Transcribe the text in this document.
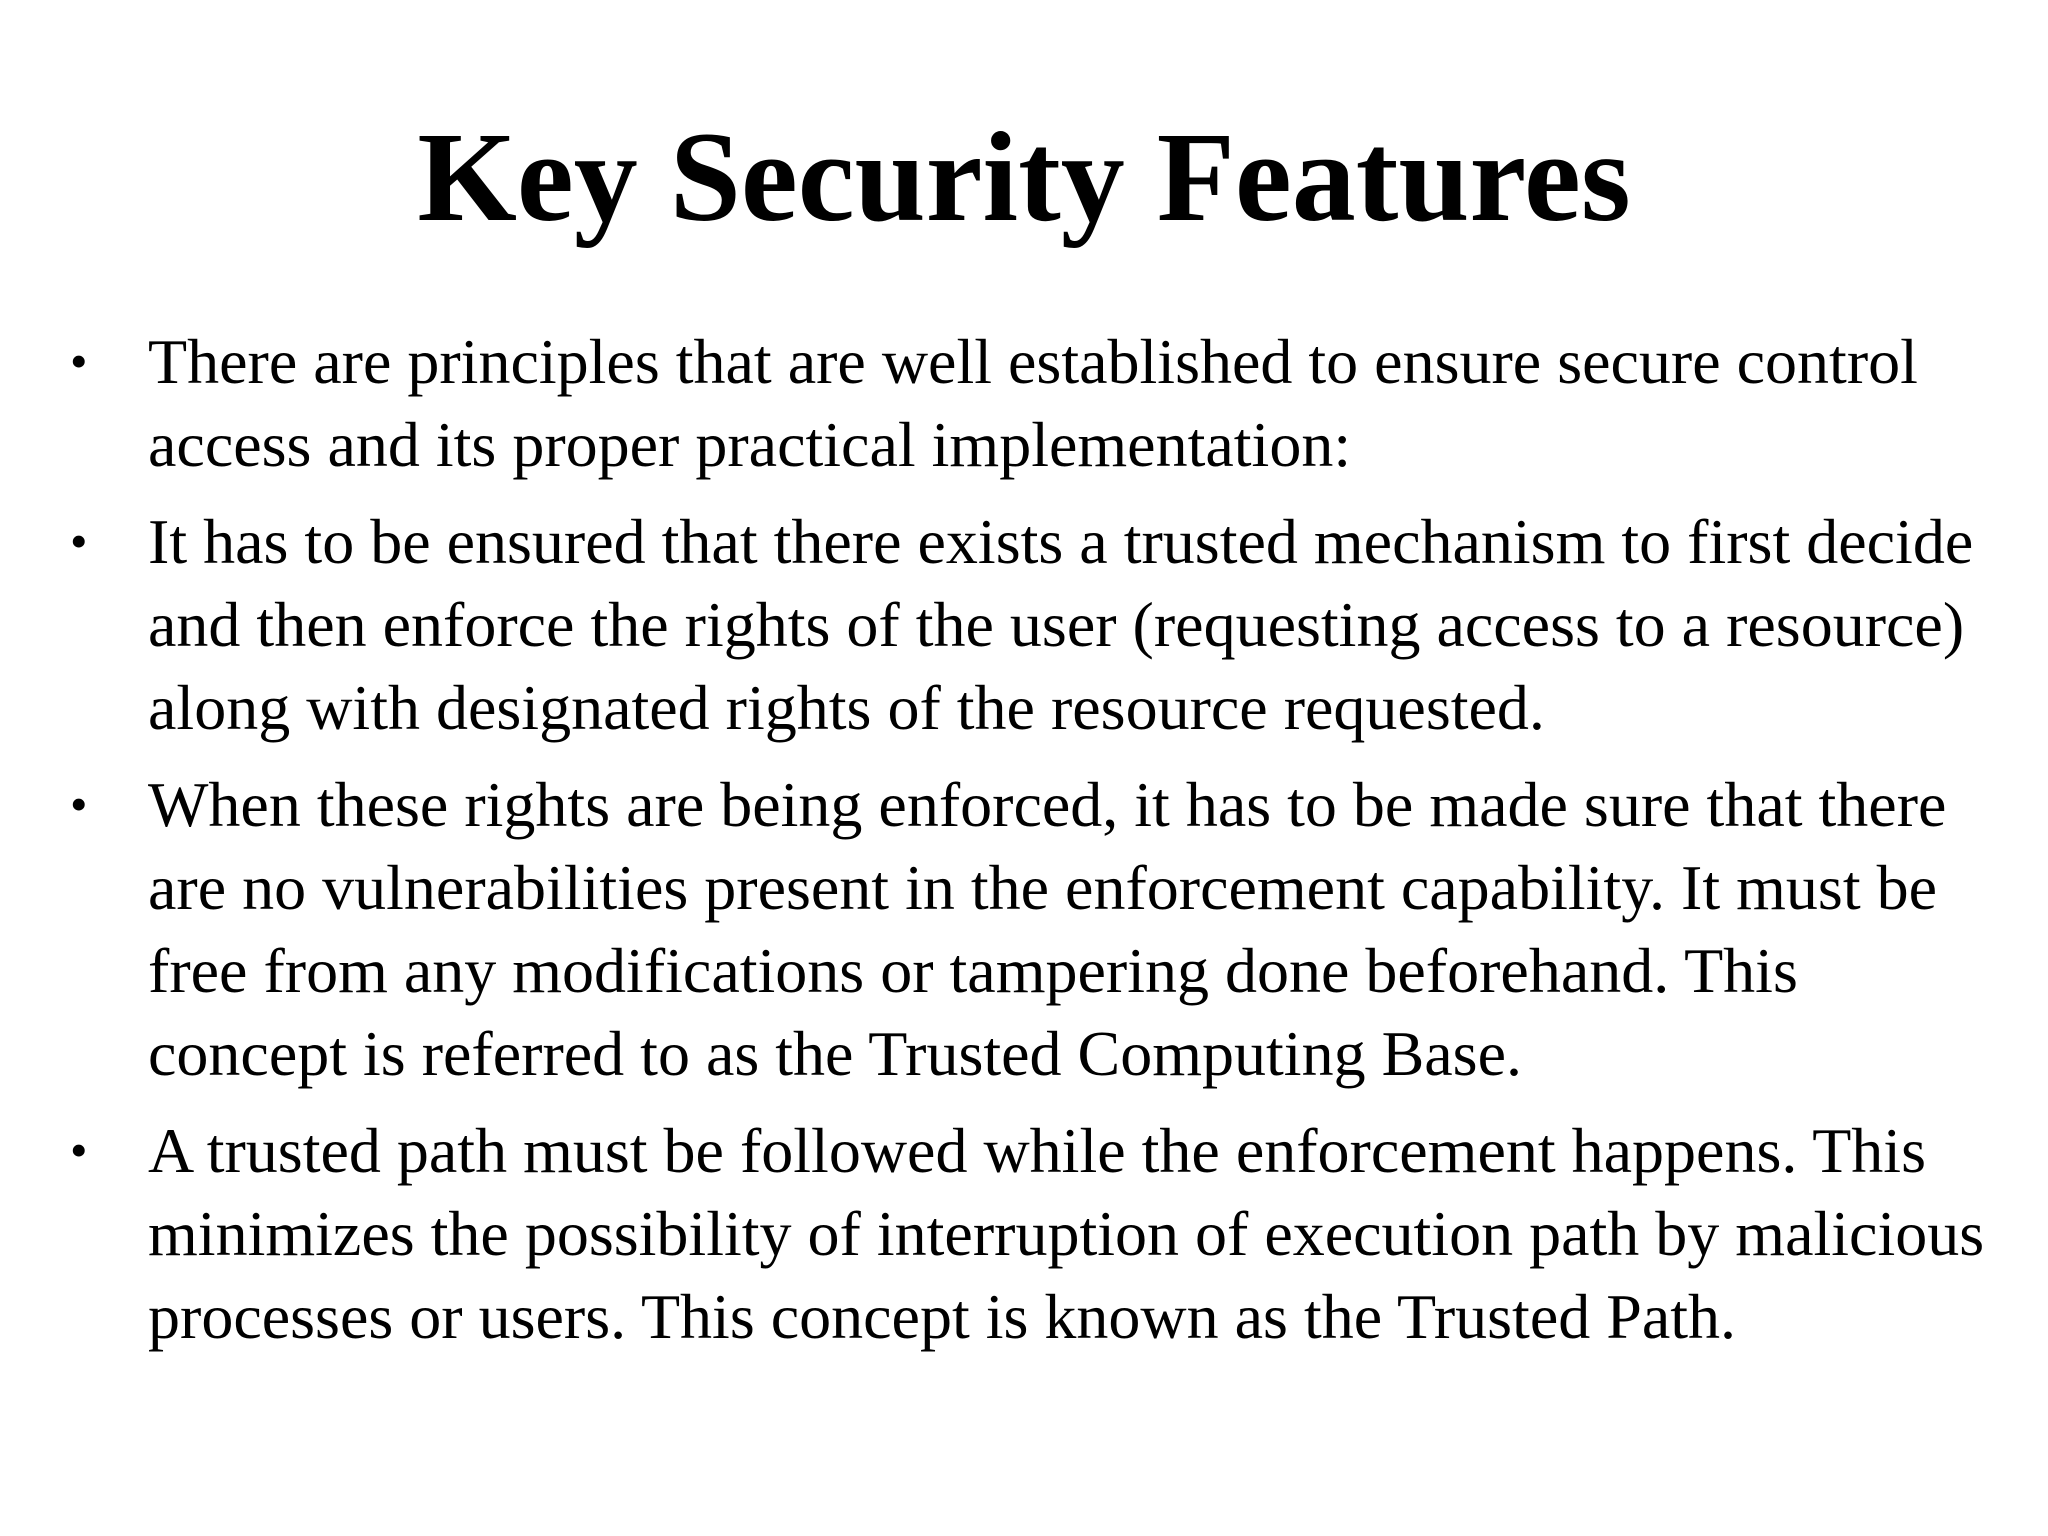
Key Security Features
• There are principles that are well established to ensure secure control access and its proper practical implementation:
• It has to be ensured that there exists a trusted mechanism to first decide and then enforce the rights of the user (requesting access to a resource) along with designated rights of the resource requested.
• When these rights are being enforced, it has to be made sure that there are no vulnerabilities present in the enforcement capability. It must be free from any modifications or tampering done beforehand. This concept is referred to as the Trusted Computing Base.
• A trusted path must be followed while the enforcement happens. This minimizes the possibility of interruption of execution path by malicious processes or users. This concept is known as the Trusted Path.
